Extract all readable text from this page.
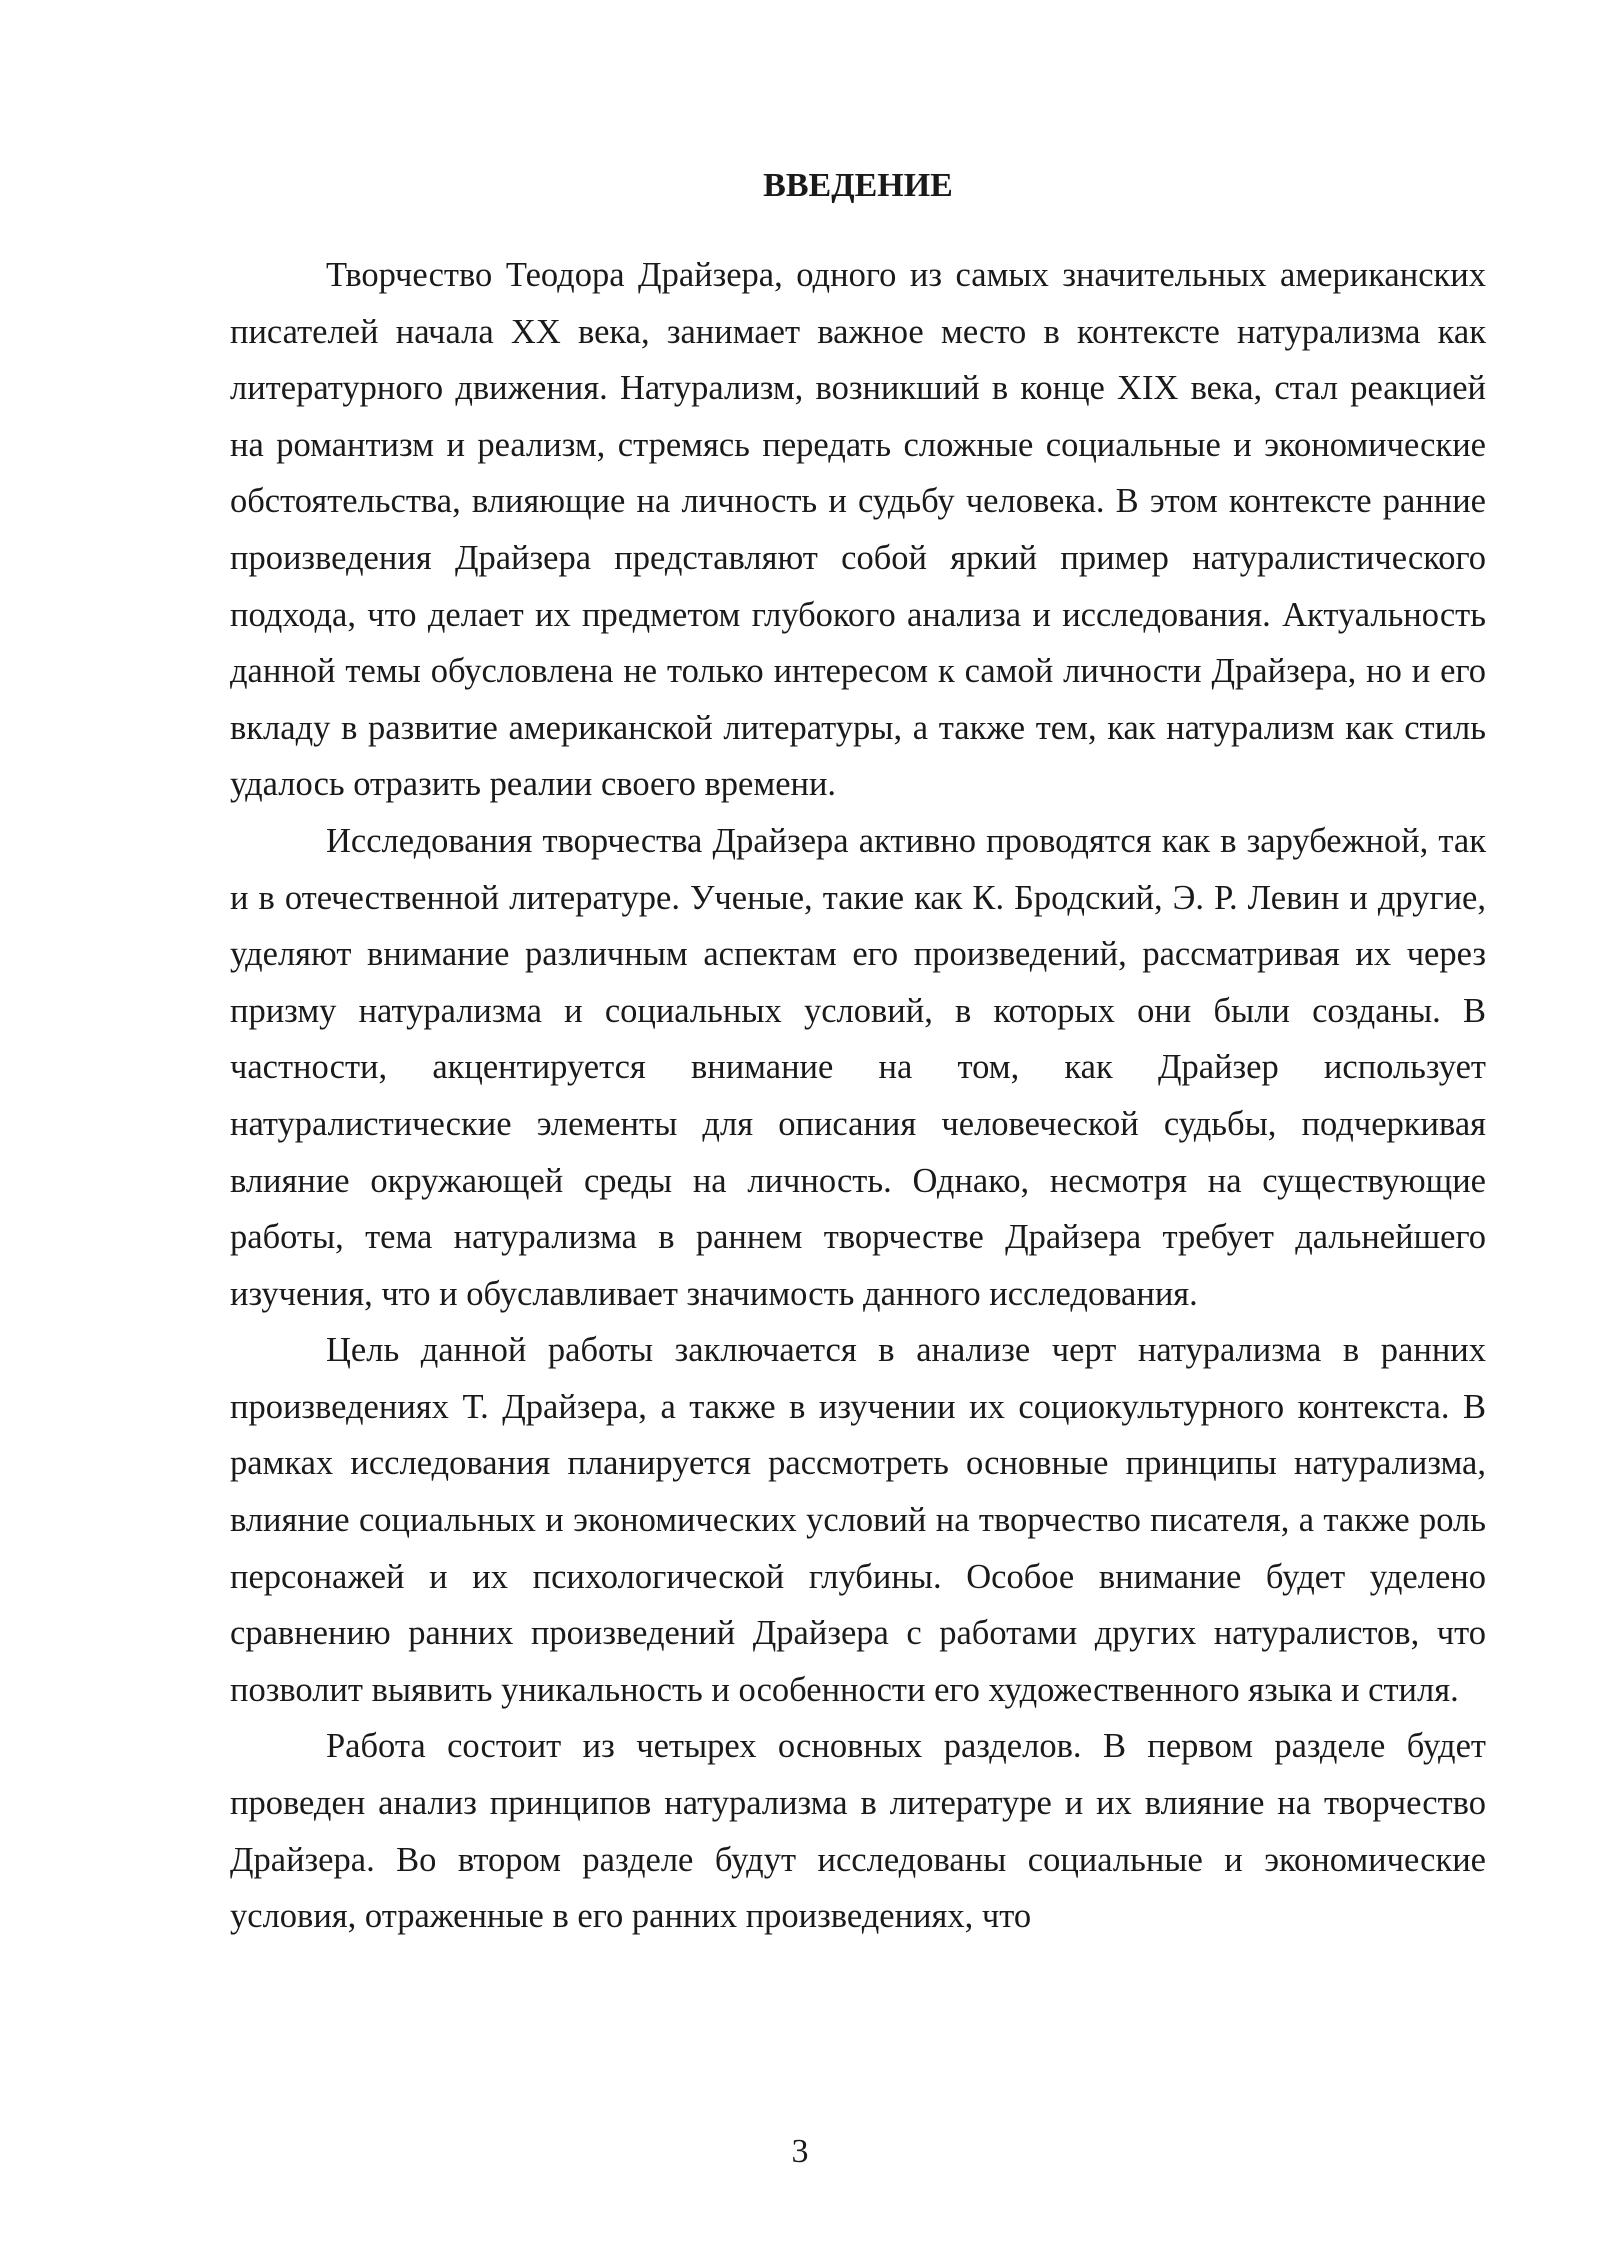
ВВЕДЕНИЕ

Творчество Теодора Драйзера, одного из самых значительных американских писателей начала XX века, занимает важное место в контексте натурализма как литературного движения. Натурализм, возникший в конце XIX века, стал реакцией на романтизм и реализм, стремясь передать сложные социальные и экономические обстоятельства, влияющие на личность и судьбу человека. В этом контексте ранние произведения Драйзера представляют собой яркий пример натуралистического подхода, что делает их предметом глубокого анализа и исследования. Актуальность данной темы обусловлена не только интересом к самой личности Драйзера, но и его вкладу в развитие американской литературы, а также тем, как натурализм как стиль удалось отразить реалии своего времени.

Исследования творчества Драйзера активно проводятся как в зарубежной, так и в отечественной литературе. Ученые, такие как К. Бродский, Э. Р. Левин и другие, уделяют внимание различным аспектам его произведений, рассматривая их через призму натурализма и социальных условий, в которых они были созданы. В частности, акцентируется внимание на том, как Драйзер использует натуралистические элементы для описания человеческой судьбы, подчеркивая влияние окружающей среды на личность. Однако, несмотря на существующие работы, тема натурализма в раннем творчестве Драйзера требует дальнейшего изучения, что и обуславливает значимость данного исследования.

Цель данной работы заключается в анализе черт натурализма в ранних произведениях Т. Драйзера, а также в изучении их социокультурного контекста. В рамках исследования планируется рассмотреть основные принципы натурализма, влияние социальных и экономических условий на творчество писателя, а также роль персонажей и их психологической глубины. Особое внимание будет уделено сравнению ранних произведений Драйзера с работами других натуралистов, что позволит выявить уникальность и особенности его художественного языка и стиля.

Работа состоит из четырех основных разделов. В первом разделе будет проведен анализ принципов натурализма в литературе и их влияние на творчество Драйзера. Во втором разделе будут исследованы социальные и экономические условия, отраженные в его ранних произведениях, что

3
